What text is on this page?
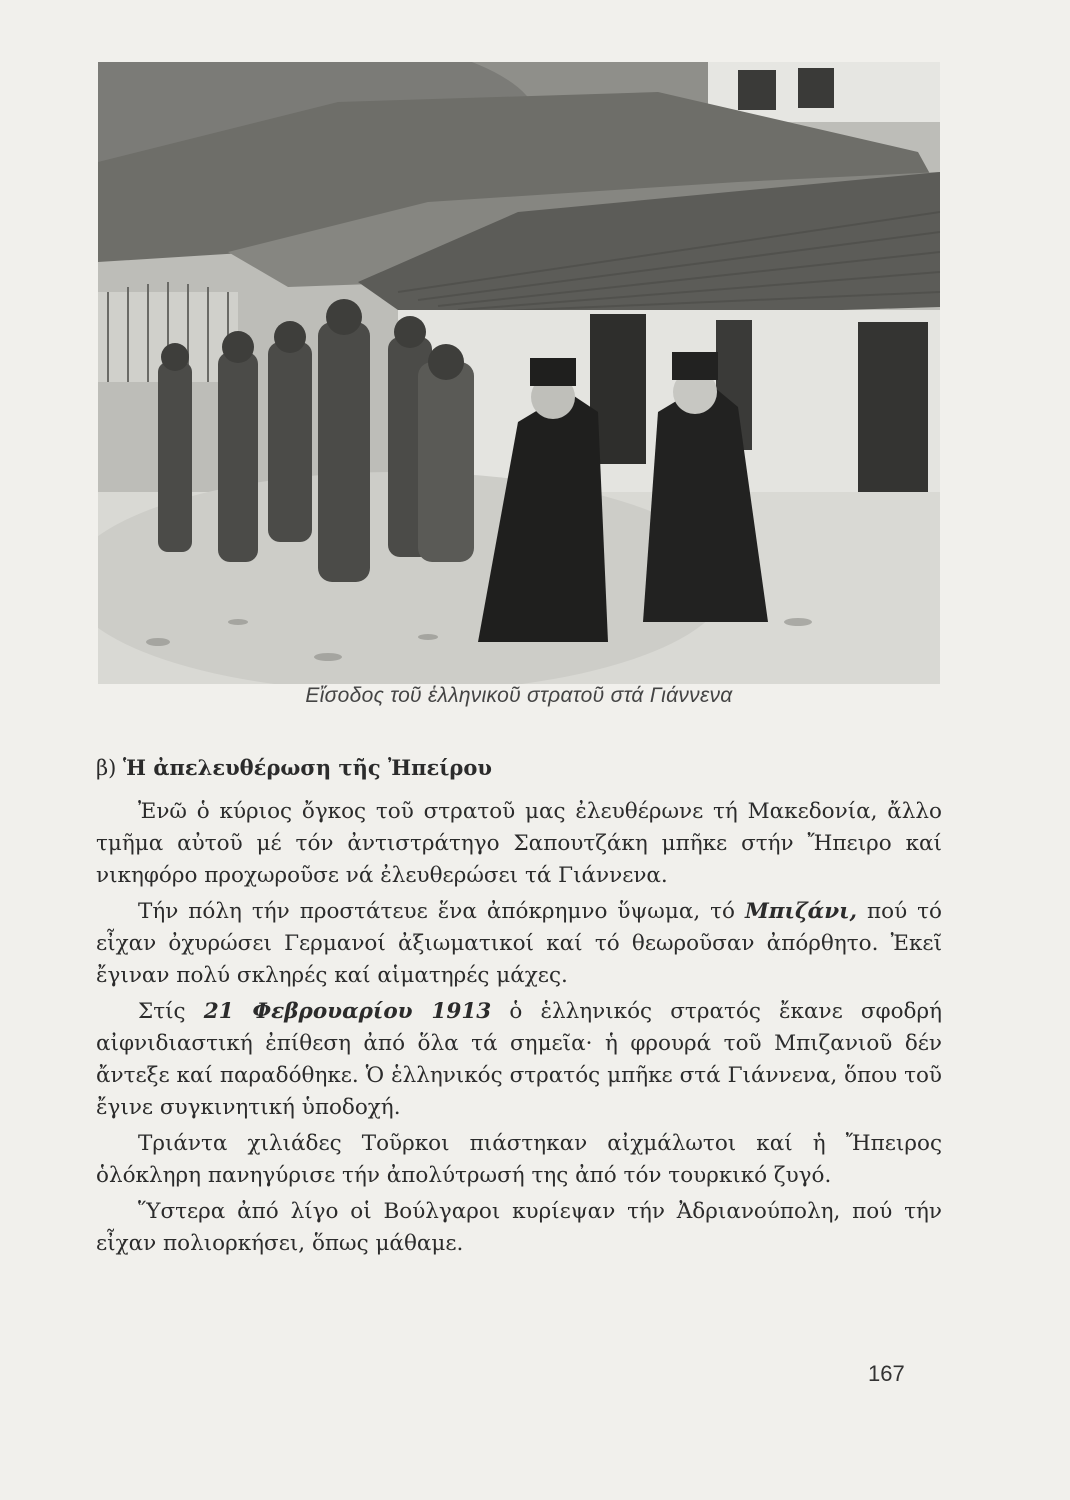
Εἴσοδος τοῦ ἑλληνικοῦ στρατοῦ στά Γιάννενα
β) Ἡ ἀπελευθέρωση τῆς Ἠπείρου

Ἐνῶ ὁ κύριος ὄγκος τοῦ στρατοῦ μας ἐλευθέρωνε τή Μακεδονία, ἄλλο τμῆμα αὐτοῦ μέ τόν ἀντιστράτηγο Σαπουτζάκη μπῆκε στήν Ἤπειρο καί νικηφόρο προχωροῦσε νά ἐλευθερώσει τά Γιάννενα.

Τήν πόλη τήν προστάτευε ἕνα ἀπόκρημνο ὕψωμα, τό Μπιζάνι, πού τό εἶχαν ὀχυρώσει Γερμανοί ἀξιωματικοί καί τό θεωροῦσαν ἀπόρθητο. Ἐκεῖ ἔγιναν πολύ σκληρές καί αἱματηρές μάχες.

Στίς 21 Φεβρουαρίου 1913 ὁ ἑλληνικός στρατός ἔκανε σφοδρή αἰφνιδιαστική ἐπίθεση ἀπό ὅλα τά σημεῖα· ἡ φρουρά τοῦ Μπιζανιοῦ δέν ἄντεξε καί παραδόθηκε. Ὁ ἑλληνικός στρατός μπῆκε στά Γιάννενα, ὅπου τοῦ ἔγινε συγκινητική ὑποδοχή.

Τριάντα χιλιάδες Τοῦρκοι πιάστηκαν αἰχμάλωτοι καί ἡ Ἤπειρος ὁλόκληρη πανηγύρισε τήν ἀπολύτρωσή της ἀπό τόν τουρκικό ζυγό.

Ὕστερα ἀπό λίγο οἱ Βούλγαροι κυρίεψαν τήν Ἀδριανούπολη, πού τήν εἶχαν πολιορκήσει, ὅπως μάθαμε.

167
